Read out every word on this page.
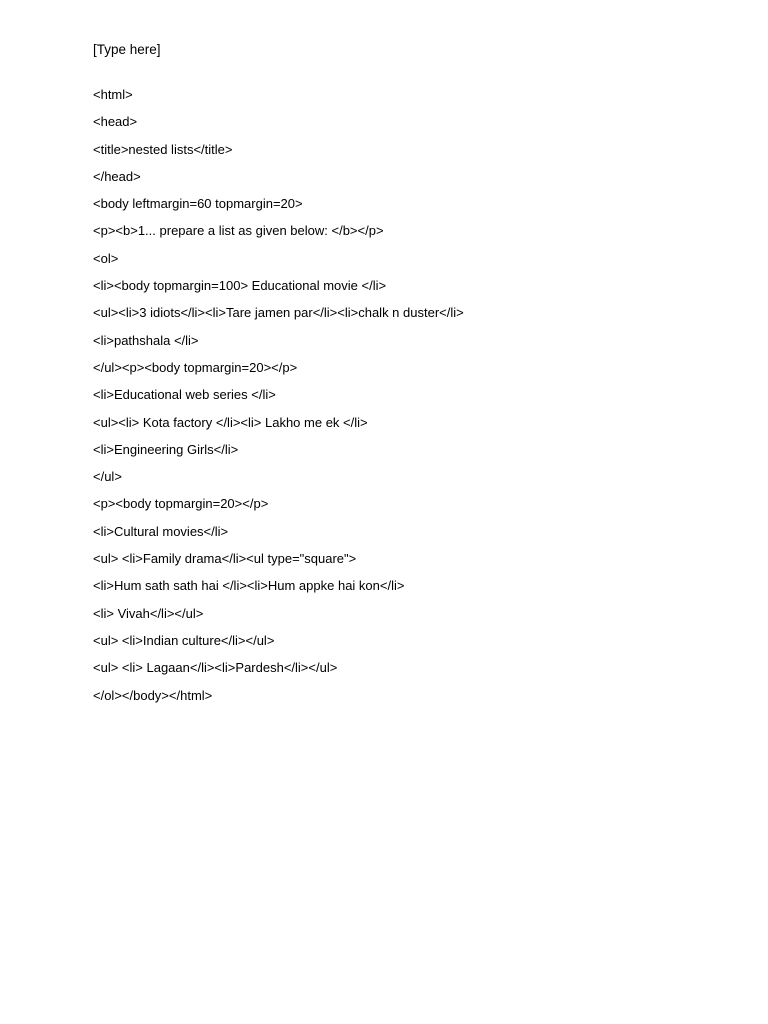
[Type here]
<html>
<head>
<title>nested lists</title>
</head>
<body leftmargin=60 topmargin=20>
<p><b>1... prepare a list as given below: </b></p>
<ol>
<li><body topmargin=100> Educational movie </li>
<ul><li>3 idiots</li><li>Tare jamen par</li><li>chalk n duster</li>
<li>pathshala </li>
</ul><p><body topmargin=20></p>
<li>Educational web series </li>
<ul><li> Kota factory </li><li> Lakho me ek </li>
<li>Engineering Girls</li>
</ul>
<p><body topmargin=20></p>
<li>Cultural movies</li>
<ul> <li>Family drama</li><ul type="square">
<li>Hum sath sath hai </li><li>Hum appke hai kon</li>
<li> Vivah</li></ul>
<ul> <li>Indian culture</li></ul>
<ul> <li> Lagaan</li><li>Pardesh</li></ul>
</ol></body></html>
